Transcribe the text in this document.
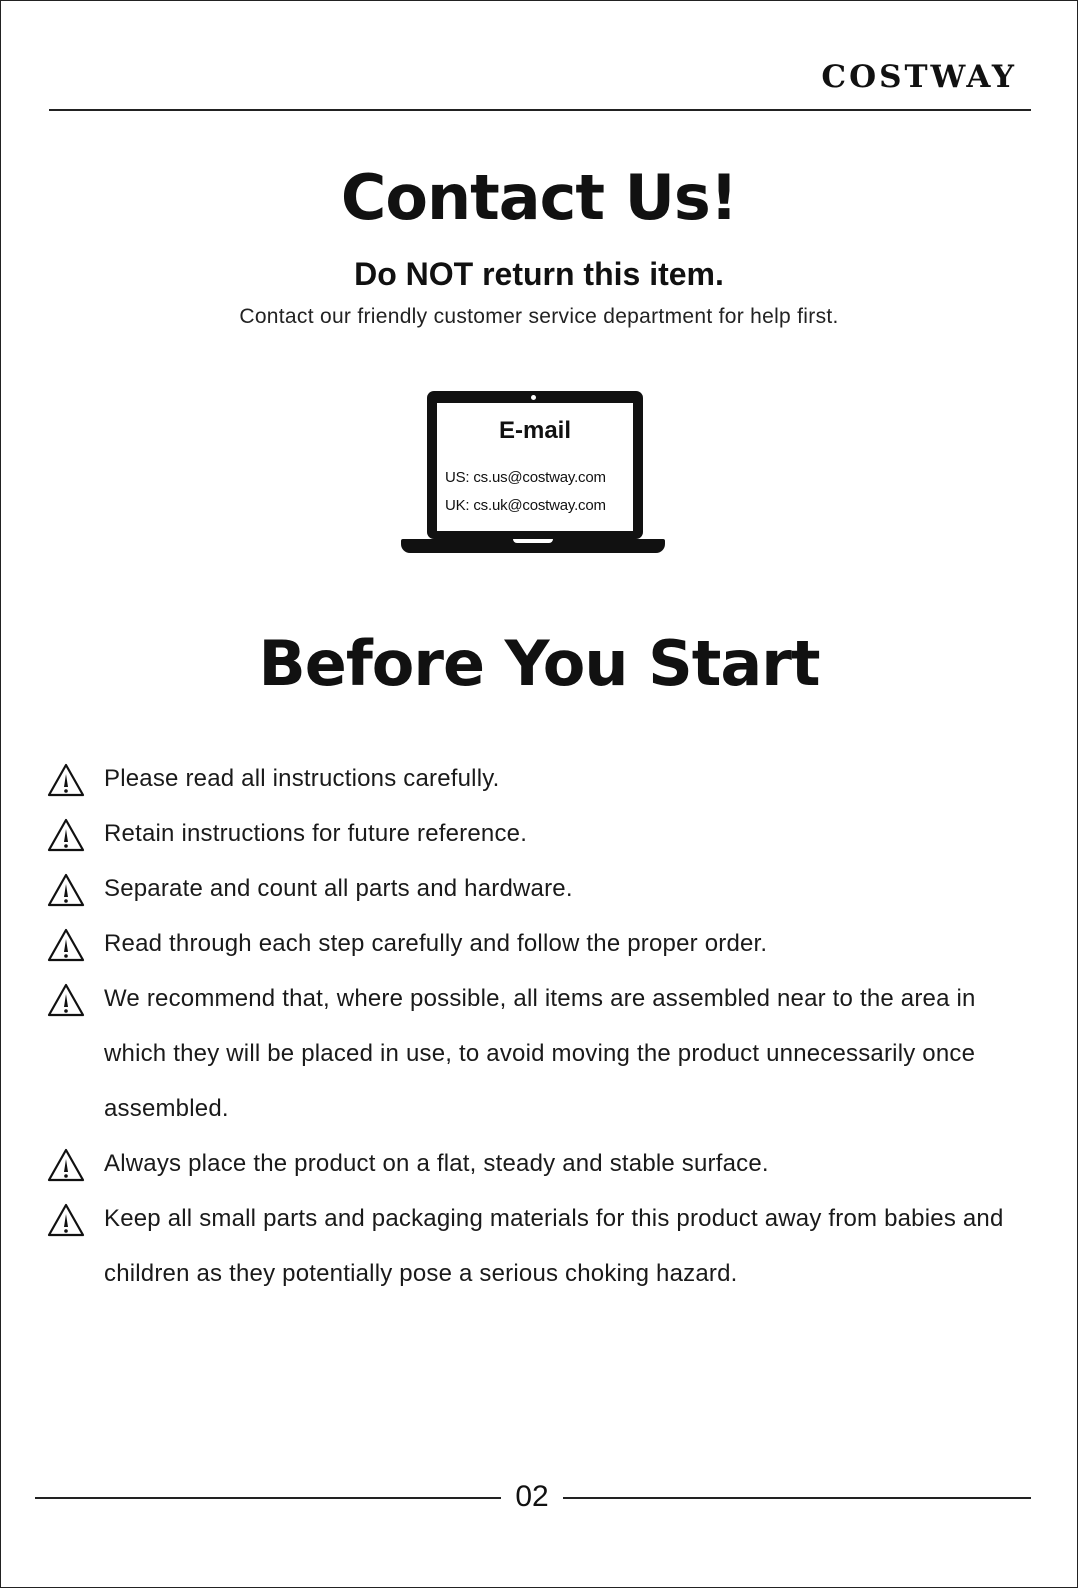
COSTWAY
Contact Us!
Do NOT return this item.
Contact our friendly customer service department for help first.
E-mail
US: cs.us@costway.com
UK: cs.uk@costway.com
Before You Start
Please read all instructions carefully.
Retain instructions for future reference.
Separate and count all parts and hardware.
Read through each step carefully and follow the proper order.
We recommend that, where possible, all items are assembled near to the area in which they will be placed in use, to avoid moving the product unnecessarily once assembled.
Always place the product on a flat, steady and stable surface.
Keep all small parts and packaging materials for this product away from babies and children as they potentially pose a serious choking hazard.
02
